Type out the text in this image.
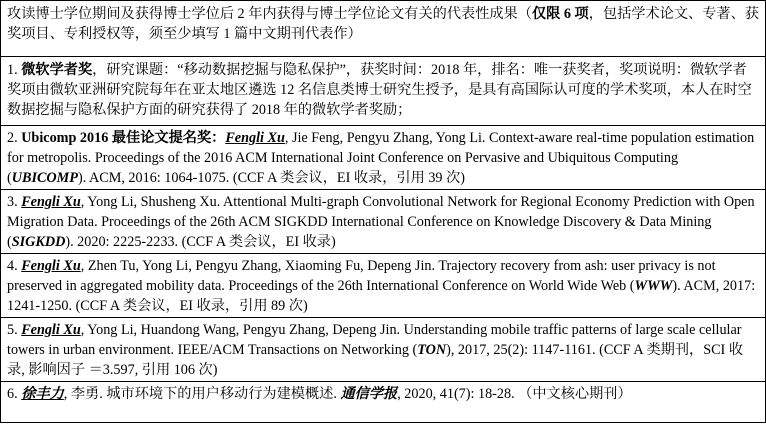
攻读博士学位期间及获得博士学位后 2 年内获得与博士学位论文有关的代表性成果（仅限 6 项，包括学术论文、专著、获奖项目、专利授权等，须至少填写 1 篇中文期刊代表作）
1. 微软学者奖，研究课题：“移动数据挖掘与隐私保护”，获奖时间：2018 年，排名：唯一获奖者，奖项说明：微软学者奖项由微软亚洲研究院每年在亚太地区遴选 12 名信息类博士研究生授予，是具有高国际认可度的学术奖项，本人在时空数据挖掘与隐私保护方面的研究获得了 2018 年的微软学者奖励；
2. Ubicomp 2016 最佳论文提名奖：Fengli Xu, Jie Feng, Pengyu Zhang, Yong Li. Context-aware real-time population estimation for metropolis. Proceedings of the 2016 ACM International Joint Conference on Pervasive and Ubiquitous Computing (UBICOMP). ACM, 2016: 1064-1075. (CCF A 类会议，EI 收录，引用 39 次)
3. Fengli Xu, Yong Li, Shusheng Xu. Attentional Multi-graph Convolutional Network for Regional Economy Prediction with Open Migration Data. Proceedings of the 26th ACM SIGKDD International Conference on Knowledge Discovery & Data Mining (SIGKDD). 2020: 2225-2233. (CCF A 类会议，EI 收录)
4. Fengli Xu, Zhen Tu, Yong Li, Pengyu Zhang, Xiaoming Fu, Depeng Jin. Trajectory recovery from ash: user privacy is not preserved in aggregated mobility data. Proceedings of the 26th International Conference on World Wide Web (WWW). ACM, 2017: 1241-1250. (CCF A 类会议，EI 收录，引用 89 次)
5. Fengli Xu, Yong Li, Huandong Wang, Pengyu Zhang, Depeng Jin. Understanding mobile traffic patterns of large scale cellular towers in urban environment. IEEE/ACM Transactions on Networking (TON), 2017, 25(2): 1147-1161. (CCF A 类期刊，SCI 收录, 影响因子 ＝3.597, 引用 106 次)
6. 徐丰力, 李勇. 城市环境下的用户移动行为建模概述. 通信学报, 2020, 41(7): 18-28. （中文核心期刊）
